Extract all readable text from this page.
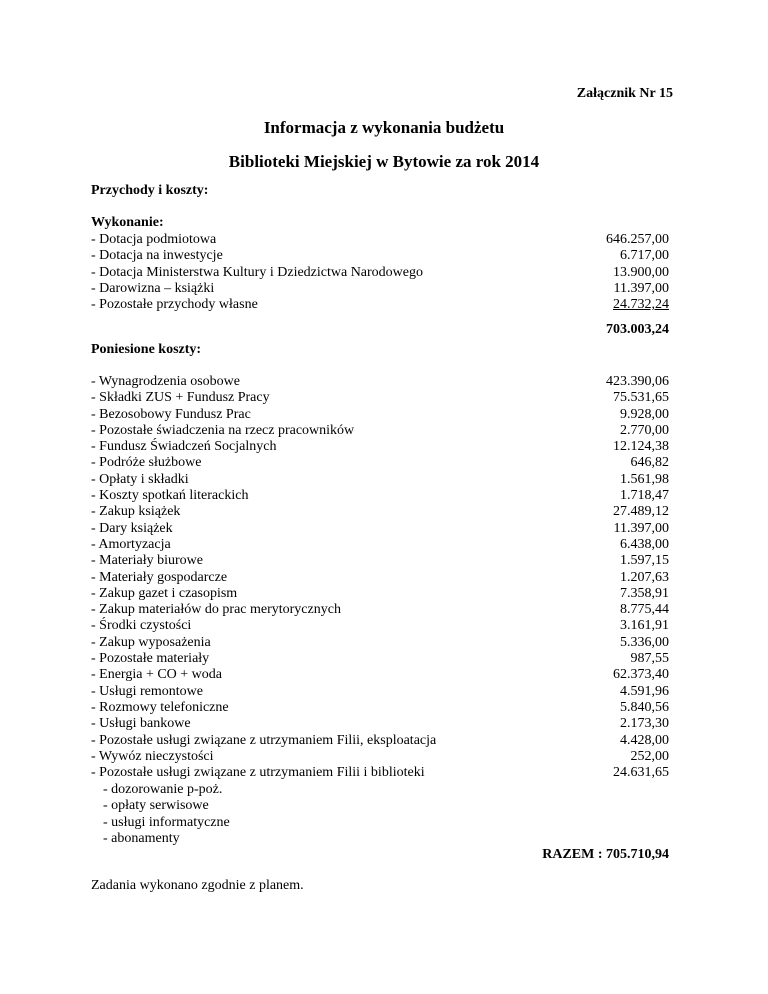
Załącznik Nr 15
Informacja z wykonania budżetu
Biblioteki Miejskiej w Bytowie za rok 2014
Przychody i koszty:
Wykonanie:
- Dotacja podmiotowa	646.257,00
- Dotacja na inwestycje	6.717,00
- Dotacja Ministerstwa Kultury i Dziedzictwa Narodowego	13.900,00
- Darowizna – książki	11.397,00
- Pozostałe przychody własne	24.732,24
703.003,24
Poniesione koszty:
- Wynagrodzenia osobowe	423.390,06
- Składki ZUS + Fundusz Pracy	75.531,65
- Bezosobowy Fundusz Prac	9.928,00
- Pozostałe świadczenia na rzecz pracowników	2.770,00
- Fundusz Świadczeń Socjalnych	12.124,38
- Podróże służbowe	646,82
- Opłaty i składki	1.561,98
- Koszty spotkań literackich	1.718,47
- Zakup książek	27.489,12
- Dary książek	11.397,00
- Amortyzacja	6.438,00
- Materiały biurowe	1.597,15
- Materiały gospodarcze	1.207,63
- Zakup gazet i czasopism	7.358,91
- Zakup materiałów do prac merytorycznych	8.775,44
- Środki czystości	3.161,91
- Zakup wyposażenia	5.336,00
- Pozostałe materiały	987,55
- Energia + CO + woda	62.373,40
- Usługi remontowe	4.591,96
- Rozmowy telefoniczne	5.840,56
- Usługi bankowe	2.173,30
- Pozostałe usługi związane z utrzymaniem Filii, eksploatacja	4.428,00
- Wywóz nieczystości	252,00
- Pozostałe usługi związane z utrzymaniem Filii i biblioteki	24.631,65
- dozorowanie p-poż.
- opłaty serwisowe
- usługi informatyczne
- abonamenty
RAZEM : 705.710,94
Zadania wykonano zgodnie z planem.
